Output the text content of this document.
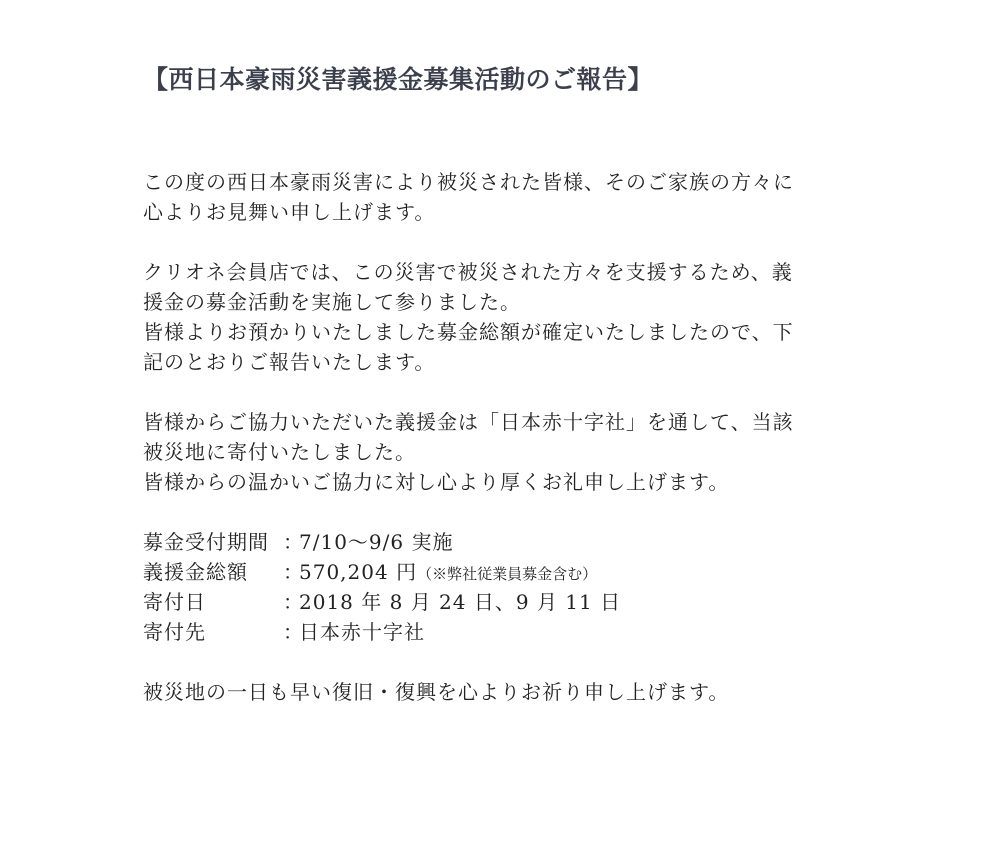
【西日本豪雨災害義援金募集活動のご報告】

この度の西日本豪雨災害により被災された皆様、そのご家族の方々に
心よりお見舞い申し上げます。

クリオネ会員店では、この災害で被災された方々を支援するため、義
援金の募金活動を実施して参りました。
皆様よりお預かりいたしました募金総額が確定いたしましたので、下
記のとおりご報告いたします。

皆様からご協力いただいた義援金は「日本赤十字社」を通して、当該
被災地に寄付いたしました。
皆様からの温かいご協力に対し心より厚くお礼申し上げます。

募金受付期間 ：
7/10〜9/6 実施
義援金総額	：
570,204 円（※弊社従業員募金含む）
寄付日	：
2018 年 8 月 24 日、9 月 11 日
寄付先	：
日本赤十字社

被災地の一日も早い復旧・復興を心よりお祈り申し上げます。
